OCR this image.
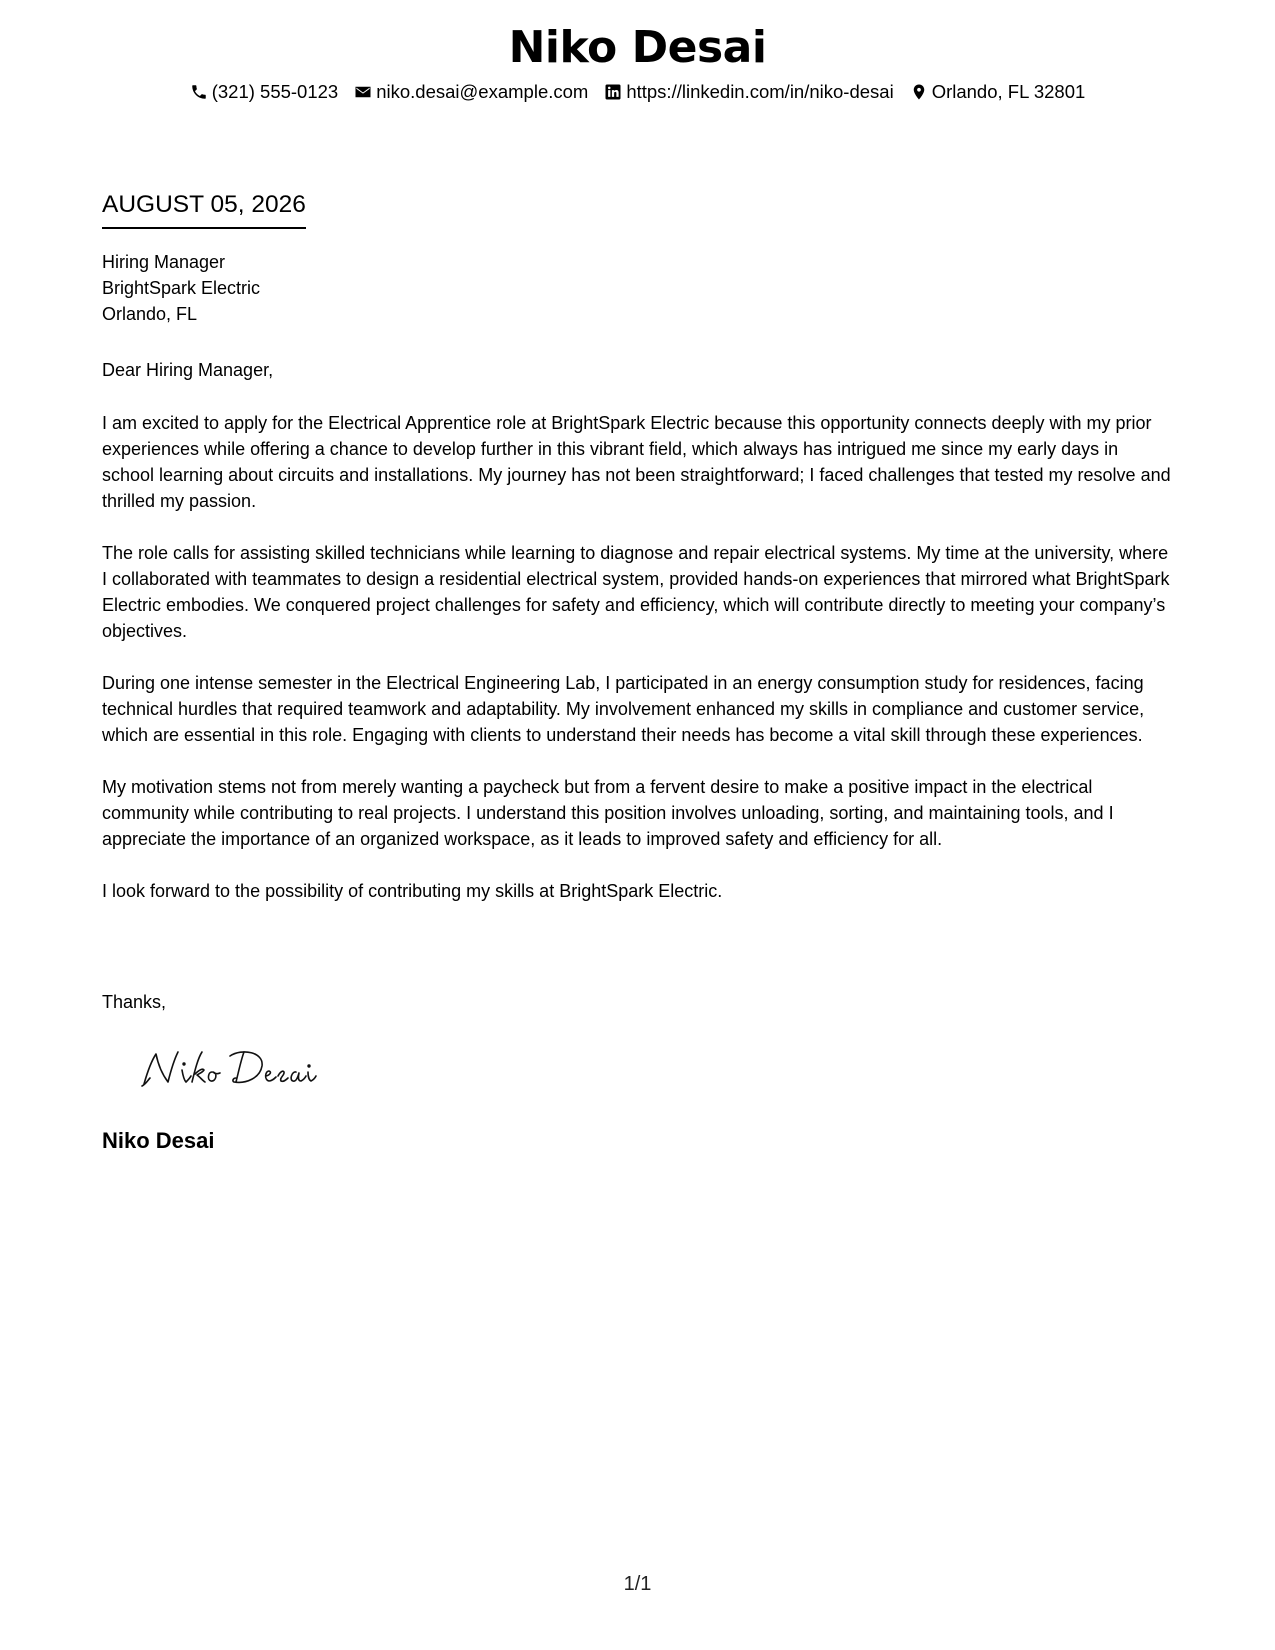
Niko Desai
(321) 555-0123 niko.desai@example.com https://linkedin.com/in/niko-desai Orlando, FL 32801
AUGUST 05, 2026
Hiring Manager
BrightSpark Electric
Orlando, FL
Dear Hiring Manager,

I am excited to apply for the Electrical Apprentice role at BrightSpark Electric because this opportunity connects deeply with my prior experiences while offering a chance to develop further in this vibrant field, which always has intrigued me since my early days in school learning about circuits and installations. My journey has not been straightforward; I faced challenges that tested my resolve and thrilled my passion.

The role calls for assisting skilled technicians while learning to diagnose and repair electrical systems. My time at the university, where I collaborated with teammates to design a residential electrical system, provided hands-on experiences that mirrored what BrightSpark Electric embodies. We conquered project challenges for safety and efficiency, which will contribute directly to meeting your company’s objectives.

During one intense semester in the Electrical Engineering Lab, I participated in an energy consumption study for residences, facing technical hurdles that required teamwork and adaptability. My involvement enhanced my skills in compliance and customer service, which are essential in this role. Engaging with clients to understand their needs has become a vital skill through these experiences.

My motivation stems not from merely wanting a paycheck but from a fervent desire to make a positive impact in the electrical community while contributing to real projects. I understand this position involves unloading, sorting, and maintaining tools, and I appreciate the importance of an organized workspace, as it leads to improved safety and efficiency for all.

I look forward to the possibility of contributing my skills at BrightSpark Electric.

Thanks,
Niko Desai
1/1
